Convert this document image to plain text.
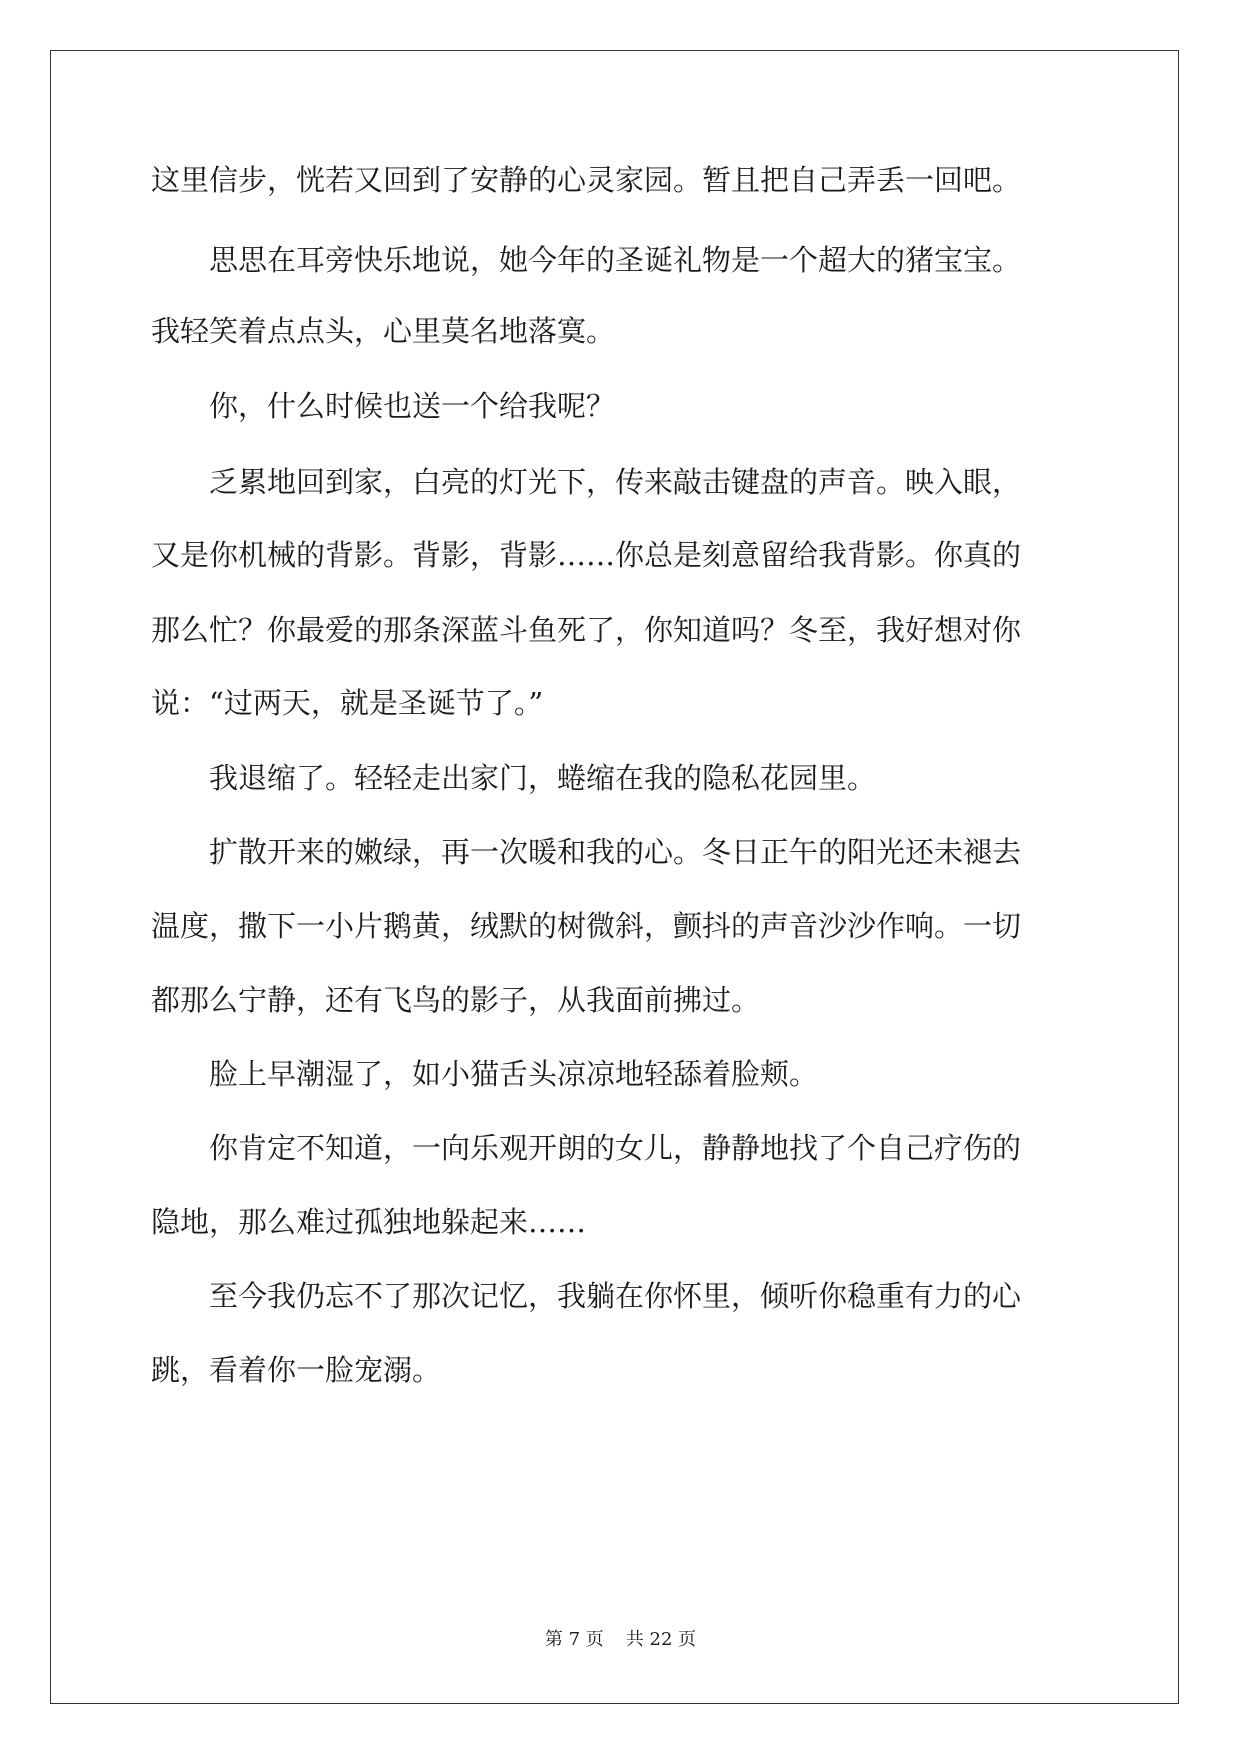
这里信步，恍若又回到了安静的心灵家园。暂且把自己弄丢一回吧。
思思在耳旁快乐地说，她今年的圣诞礼物是一个超大的猪宝宝。
我轻笑着点点头，心里莫名地落寞。
你，什么时候也送一个给我呢？
乏累地回到家，白亮的灯光下，传来敲击键盘的声音。映入眼，
又是你机械的背影。背影，背影……你总是刻意留给我背影。你真的
那么忙？你最爱的那条深蓝斗鱼死了，你知道吗？冬至，我好想对你
说：“过两天，就是圣诞节了。”
我退缩了。轻轻走出家门，蜷缩在我的隐私花园里。
扩散开来的嫩绿，再一次暖和我的心。冬日正午的阳光还未褪去
温度，撒下一小片鹅黄，绒默的树微斜，颤抖的声音沙沙作响。一切
都那么宁静，还有飞鸟的影子，从我面前拂过。
脸上早潮湿了，如小猫舌头凉凉地轻舔着脸颊。
你肯定不知道，一向乐观开朗的女儿，静静地找了个自己疗伤的
隐地，那么难过孤独地躲起来……
至今我仍忘不了那次记忆，我躺在你怀里，倾听你稳重有力的心
跳，看着你一脸宠溺。
第 7 页 共 22 页
